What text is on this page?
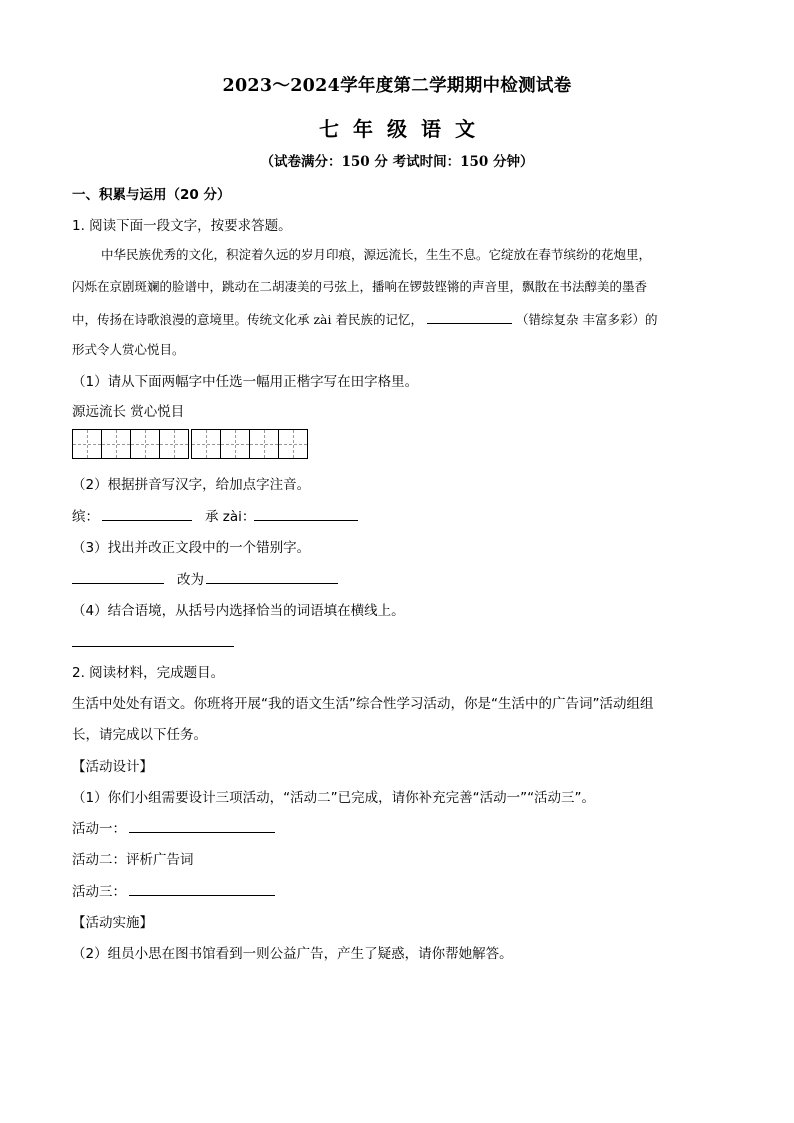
2023～2024学年度第二学期期中检测试卷
七年级语文
（试卷满分：150 分 考试时间：150 分钟）
一、积累与运用（20 分）
1. 阅读下面一段文字，按要求答题。
中华民族优秀的文化，积淀着久远的岁月印痕，源远流长，生生不息。它绽放在春节缤纷的花炮里，
闪烁在京剧斑斓的脸谱中，跳动在二胡凄美的弓弦上，播响在锣鼓铿锵的声音里，飘散在书法醇美的墨香
中，传扬在诗歌浪漫的意境里。传统文化承 zài 着民族的记忆，	（错综复杂 丰富多彩）的
形式令人赏心悦目。
（1）请从下面两幅字中任选一幅用正楷字写在田字格里。
源远流长 赏心悦目
（2）根据拼音写汉字，给加点字注音。
缤：	承 zài：
（3）找出并改正文段中的一个错别字。
改为
（4）结合语境，从括号内选择恰当的词语填在横线上。
2. 阅读材料，完成题目。
生活中处处有语文。你班将开展“我的语文生活”综合性学习活动，你是“生活中的广告词”活动组组
长，请完成以下任务。
【活动设计】
（1）你们小组需要设计三项活动，“活动二”已完成，请你补充完善“活动一”“活动三”。
活动一：
活动二：评析广告词
活动三：
【活动实施】
（2）组员小思在图书馆看到一则公益广告，产生了疑惑，请你帮她解答。
